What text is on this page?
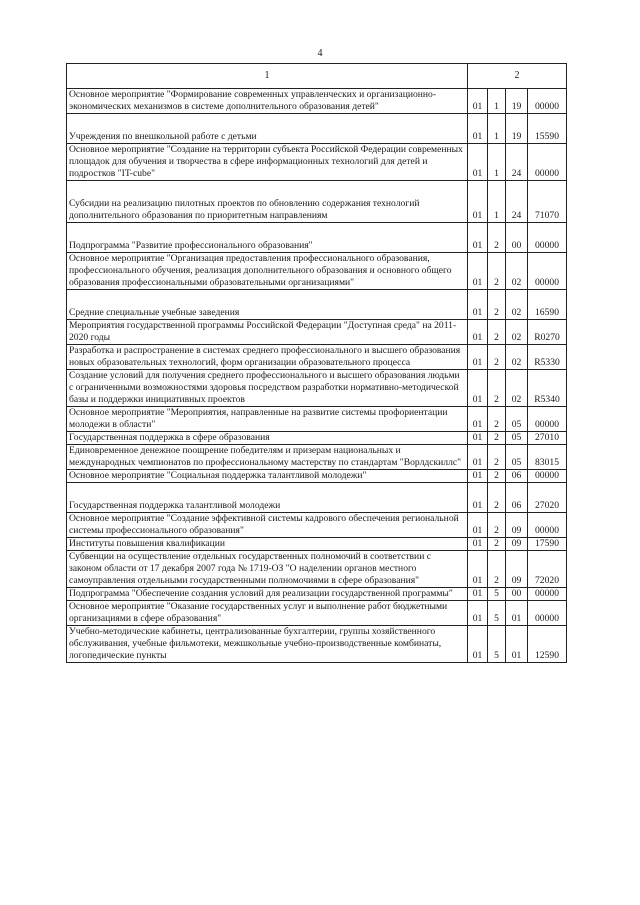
4
1	2			
Основное мероприятие "Формирование современных управленческих и организационно-экономических механизмов в системе дополнительного образования детей"	01	1	19	00000

Учреждения по внешкольной работе с детьми	01	1	19	15590
Основное мероприятие "Создание на территории субъекта Российской Федерации современных площадок для обучения и творчества в сфере информационных технологий для детей и подростков "IT-cube"	01	1	24	00000

Субсидии на реализацию пилотных проектов по обновлению содержания технологий дополнительного образования по приоритетным направлениям	01	1	24	71070

Подпрограмма "Развитие профессионального образования"	01	2	00	00000
Основное мероприятие "Организация предоставления профессионального образования, профессионального обучения, реализация дополнительного образования и основного общего образования профессиональными образовательными организациями"	01	2	02	00000

Средние специальные учебные заведения	01	2	02	16590
Мероприятия государственной программы Российской Федерации "Доступная среда" на 2011-2020 годы	01	2	02	R0270
Разработка и распространение в системах среднего профессионального и высшего образования новых образовательных технологий, форм организации образовательного процесса	01	2	02	R5330
Создание условий для получения среднего профессионального и высшего образования людьми с ограниченными возможностями здоровья посредством разработки нормативно-методической базы и поддержки инициативных проектов	01	2	02	R5340
Основное мероприятие "Мероприятия, направленные на развитие системы профориентации молодежи в области"	01	2	05	00000
Государственная поддержка в сфере образования	01	2	05	27010
Единовременное денежное поощрение победителям и призерам национальных и международных чемпионатов по профессиональному мастерству по стандартам "Ворлдскиллс"	01	2	05	83015
Основное мероприятие "Социальная поддержка талантливой молодежи"	01	2	06	00000

Государственная поддержка талантливой молодежи	01	2	06	27020
Основное мероприятие "Создание эффективной системы кадрового обеспечения региональной системы профессионального образования"	01	2	09	00000
Институты повышения квалификации	01	2	09	17590
Субвенции на осуществление отдельных государственных полномочий в соответствии с законом области от 17 декабря 2007 года № 1719-ОЗ "О наделении органов местного самоуправления отдельными государственными полномочиями в сфере образования"	01	2	09	72020
Подпрограмма "Обеспечение создания условий для реализации государственной программы"	01	5	00	00000
Основное мероприятие "Оказание государственных услуг и выполнение работ бюджетными организациями в сфере образования"	01	5	01	00000
Учебно-методические кабинеты, централизованные бухгалтерии, группы хозяйственного обслуживания, учебные фильмотеки, межшкольные учебно-производственные комбинаты, логопедические пункты	01	5	01	12590
